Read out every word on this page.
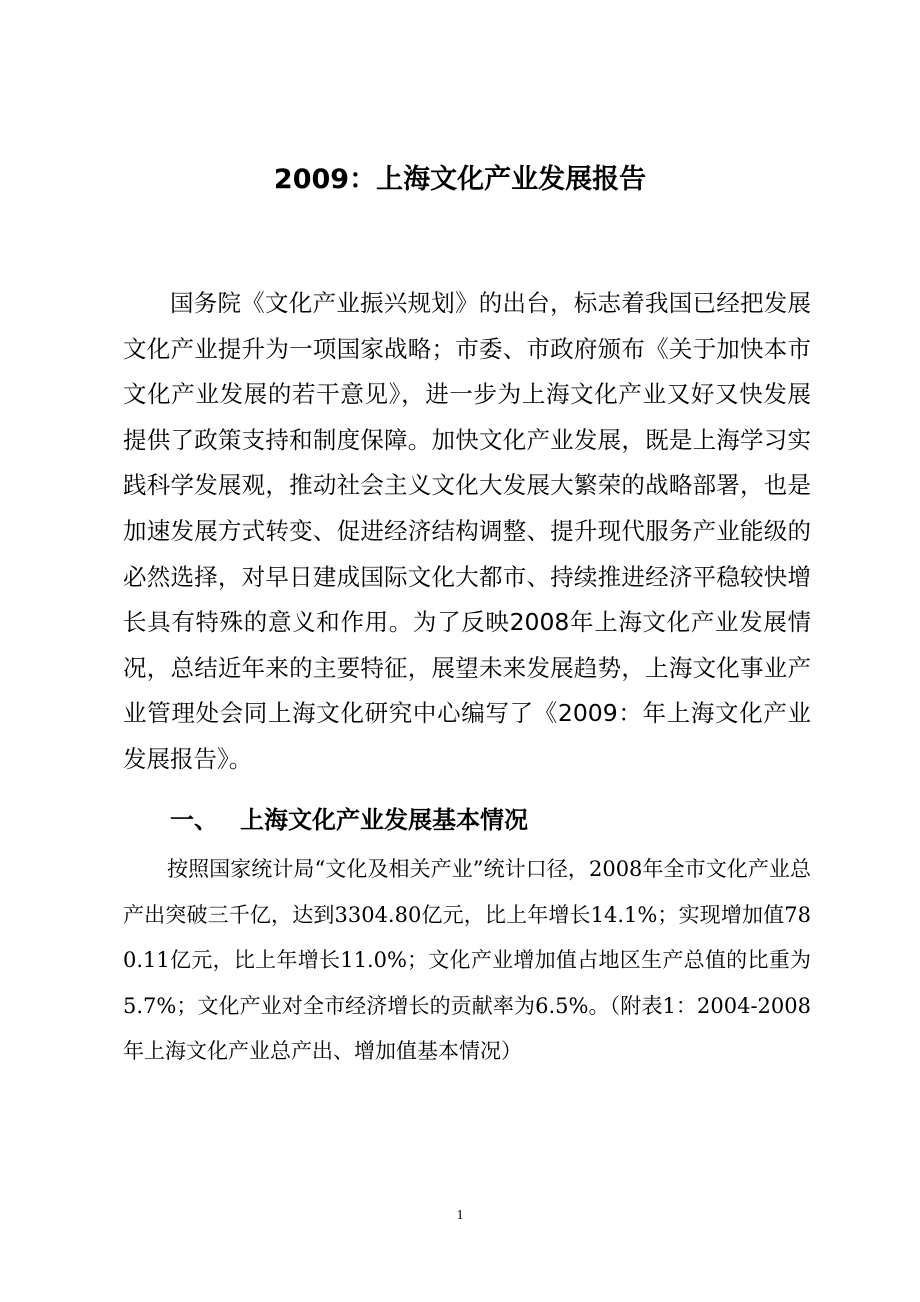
2009：上海文化产业发展报告

国务院《文化产业振兴规划》的出台，标志着我国已经把发展文化产业提升为一项国家战略；市委、市政府颁布《关于加快本市文化产业发展的若干意见》，进一步为上海文化产业又好又快发展提供了政策支持和制度保障。加快文化产业发展，既是上海学习实践科学发展观，推动社会主义文化大发展大繁荣的战略部署，也是加速发展方式转变、促进经济结构调整、提升现代服务产业能级的必然选择，对早日建成国际文化大都市、持续推进经济平稳较快增长具有特殊的意义和作用。为了反映2008年上海文化产业发展情况，总结近年来的主要特征，展望未来发展趋势，上海文化事业产业管理处会同上海文化研究中心编写了《2009：年上海文化产业发展报告》。

一、 上海文化产业发展基本情况

按照国家统计局“文化及相关产业”统计口径，2008年全市文化产业总产出突破三千亿，达到3304.80亿元，比上年增长14.1%；实现增加值780.11亿元，比上年增长11.0%；文化产业增加值占地区生产总值的比重为5.7%；文化产业对全市经济增长的贡献率为6.5%。（附表1：2004-2008年上海文化产业总产出、增加值基本情况）

1
